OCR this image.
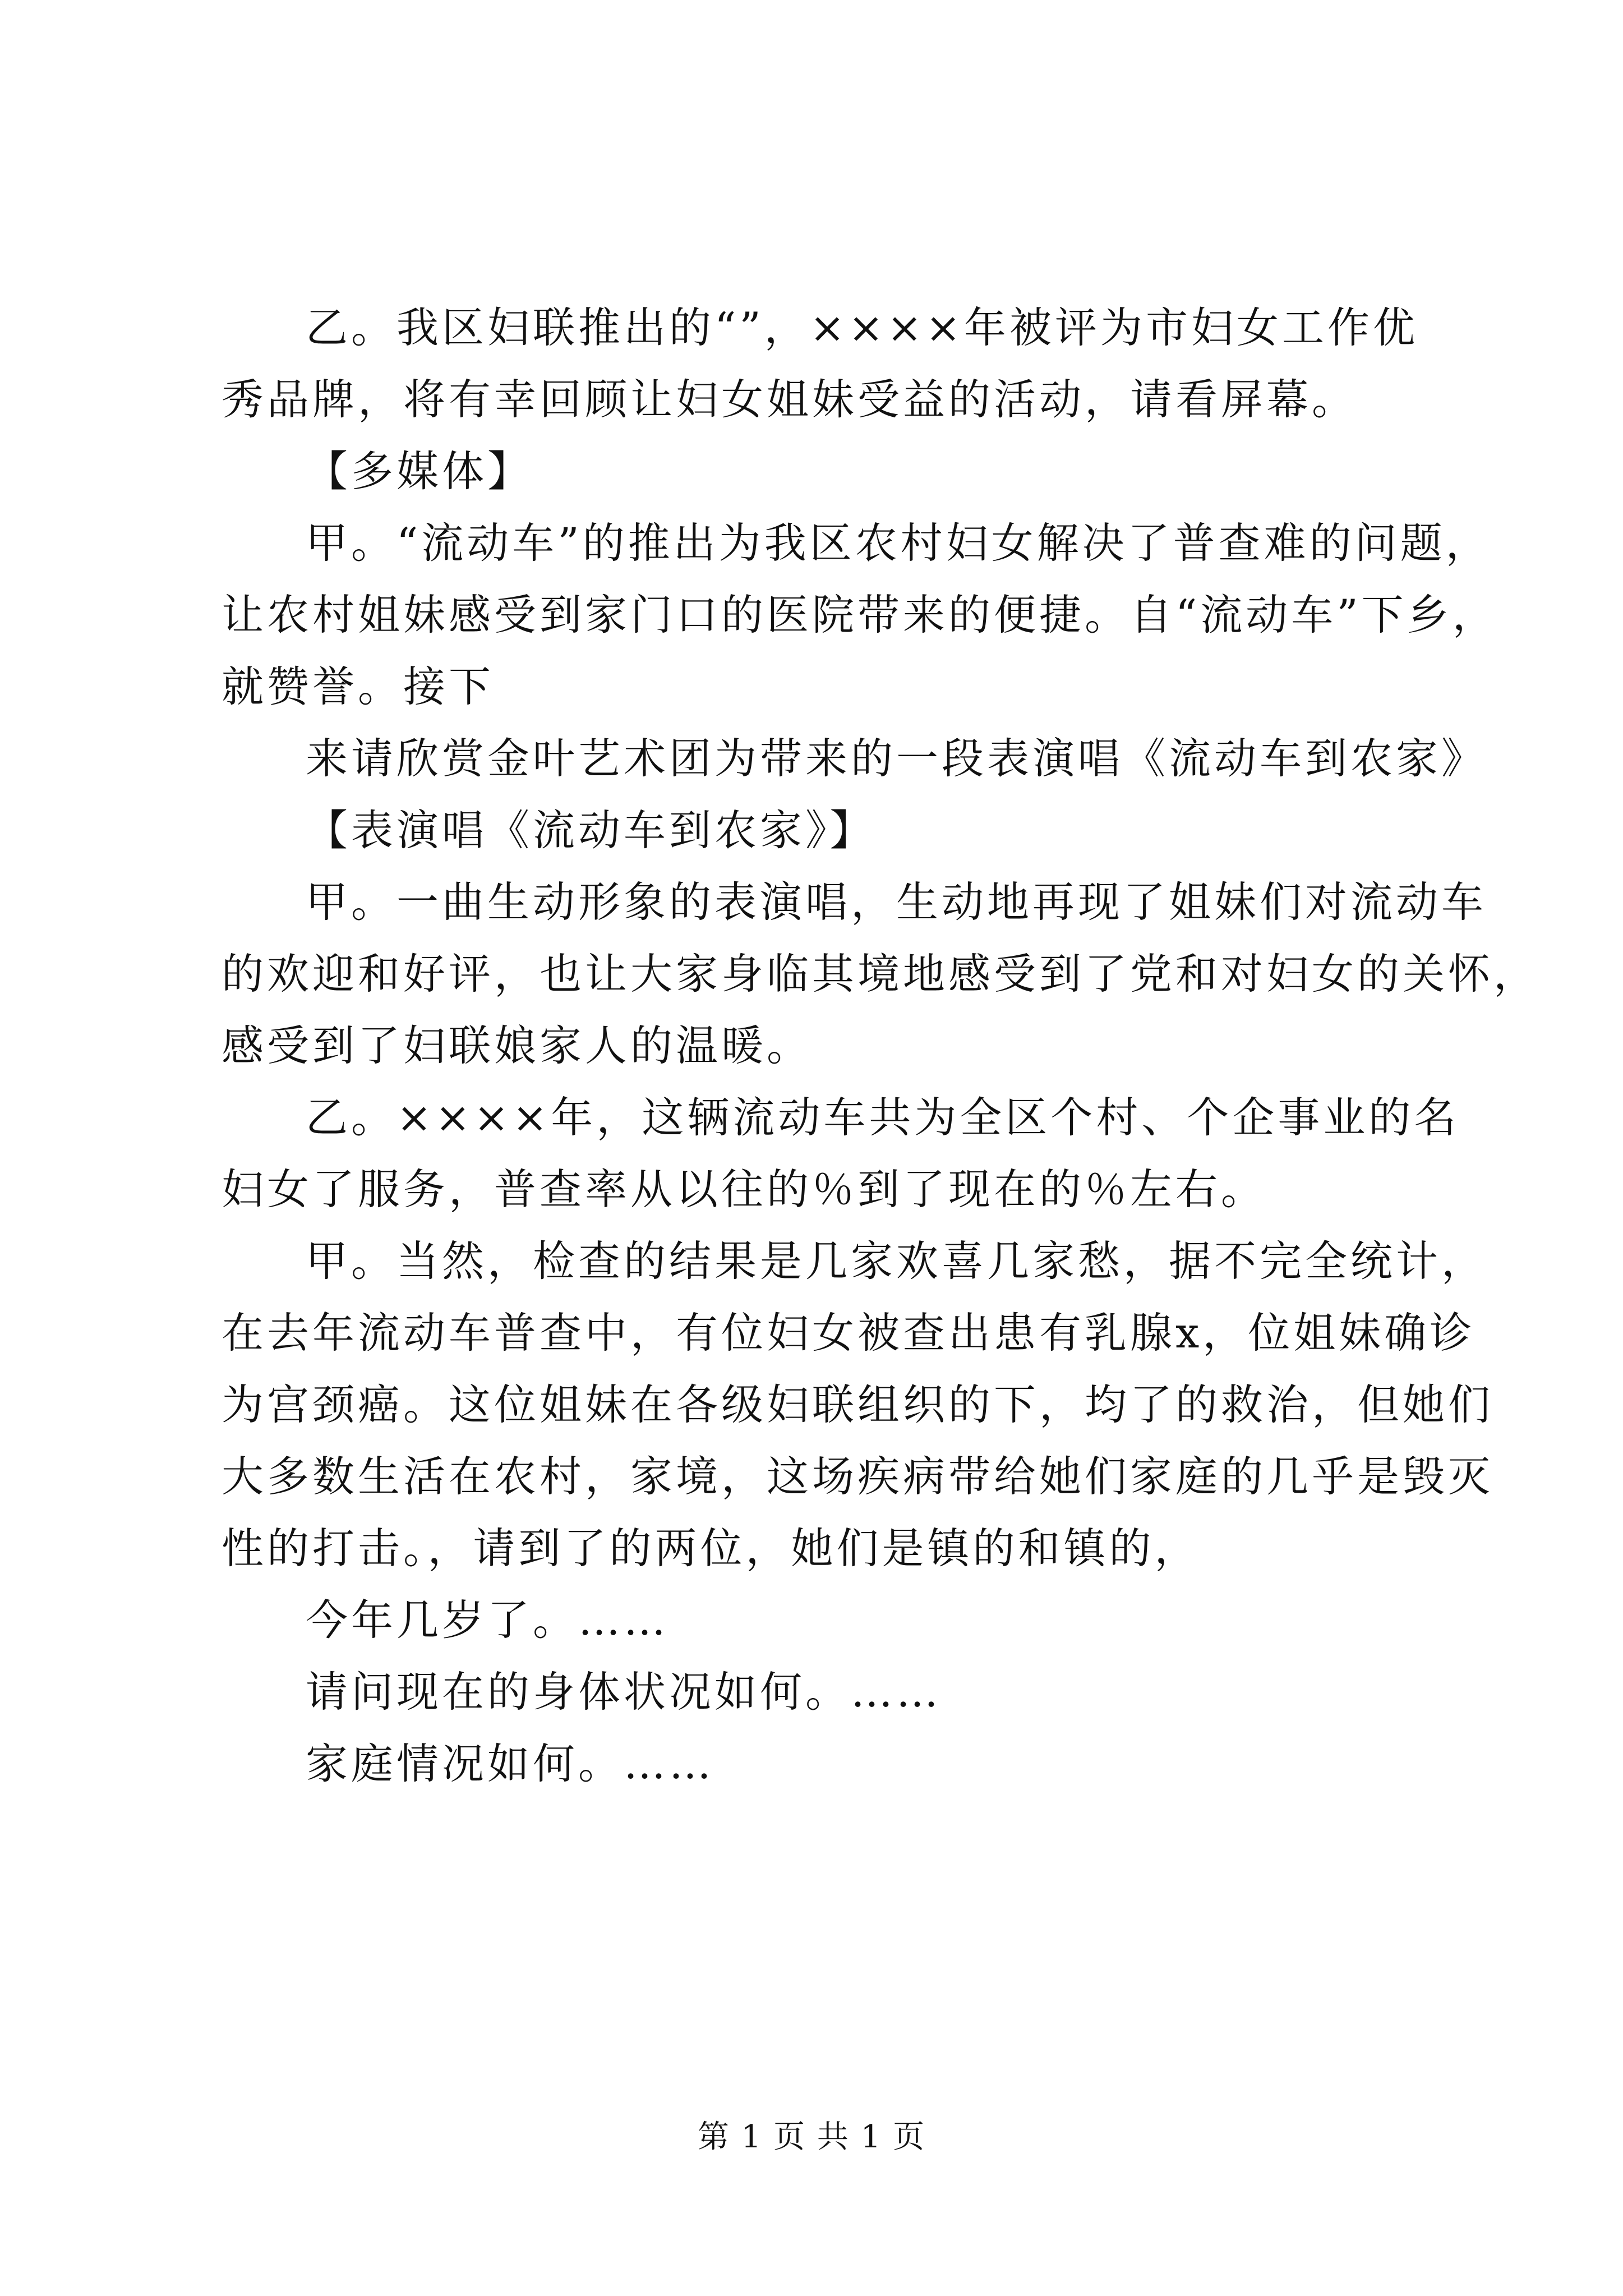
乙。我区妇联推出的“”，××××年被评为市妇女工作优
秀品牌，将有幸回顾让妇女姐妹受益的活动，请看屏幕。
【多媒体】
甲。“流动车”的推出为我区农村妇女解决了普查难的问题，
让农村姐妹感受到家门口的医院带来的便捷。自“流动车”下乡，
就赞誉。接下
来请欣赏金叶艺术团为带来的一段表演唱《流动车到农家》
【表演唱《流动车到农家》】
甲。一曲生动形象的表演唱，生动地再现了姐妹们对流动车
的欢迎和好评，也让大家身临其境地感受到了党和对妇女的关怀，
感受到了妇联娘家人的温暖。
乙。××××年，这辆流动车共为全区个村、个企事业的名
妇女了服务，普查率从以往的％到了现在的％左右。
甲。当然，检查的结果是几家欢喜几家愁，据不完全统计，
在去年流动车普查中，有位妇女被查出患有乳腺x，位姐妹确诊
为宫颈癌。这位姐妹在各级妇联组织的下，均了的救治，但她们
大多数生活在农村，家境，这场疾病带给她们家庭的几乎是毁灭
性的打击。，请到了的两位，她们是镇的和镇的，
今年几岁了。……
请问现在的身体状况如何。……
家庭情况如何。……
第 1 页 共 1 页
